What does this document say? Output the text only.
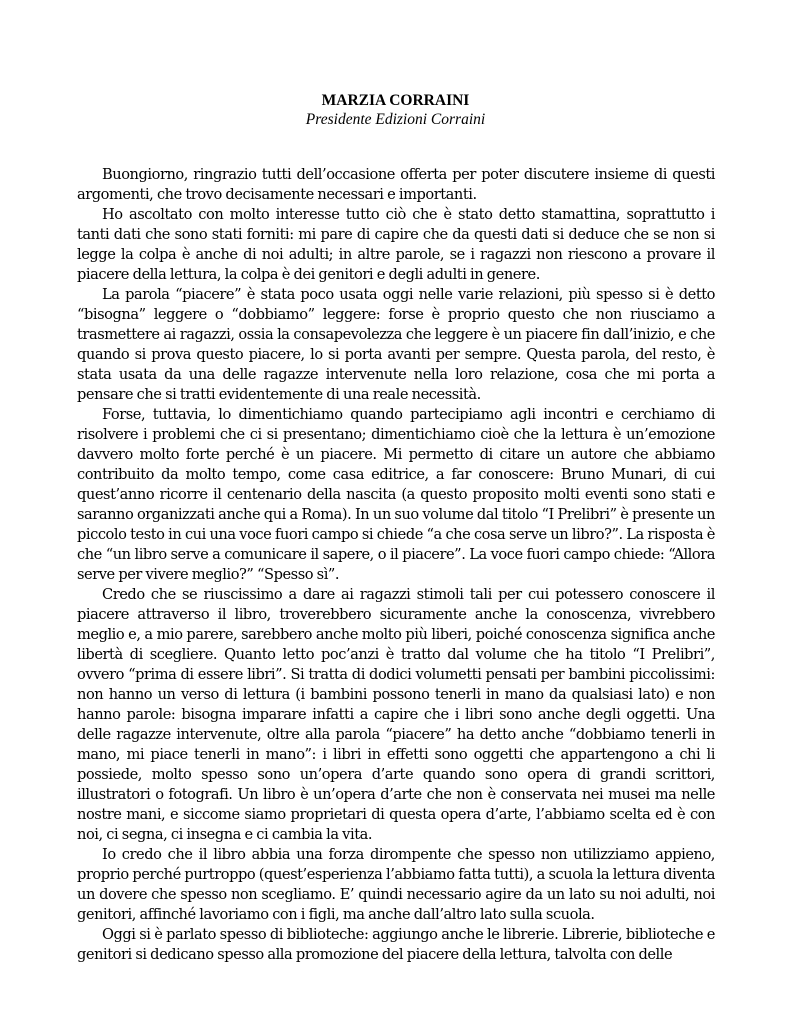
MARZIA CORRAINI
Presidente Edizioni Corraini

Buongiorno, ringrazio tutti dell’occasione offerta per poter discutere insieme di questi argomenti, che trovo decisamente necessari e importanti.

Ho ascoltato con molto interesse tutto ciò che è stato detto stamattina, soprattutto i tanti dati che sono stati forniti: mi pare di capire che da questi dati si deduce che se non si legge la colpa è anche di noi adulti; in altre parole, se i ragazzi non riescono a provare il piacere della lettura, la colpa è dei genitori e degli adulti in genere.

La parola “piacere” è stata poco usata oggi nelle varie relazioni, più spesso si è detto “bisogna” leggere o “dobbiamo” leggere: forse è proprio questo che non riusciamo a trasmettere ai ragazzi, ossia la consapevolezza che leggere è un piacere fin dall’inizio, e che quando si prova questo piacere, lo si porta avanti per sempre. Questa parola, del resto, è stata usata da una delle ragazze intervenute nella loro relazione, cosa che mi porta a pensare che si tratti evidentemente di una reale necessità.

Forse, tuttavia, lo dimentichiamo quando partecipiamo agli incontri e cerchiamo di risolvere i problemi che ci si presentano; dimentichiamo cioè che la lettura è un’emozione davvero molto forte perché è un piacere. Mi permetto di citare un autore che abbiamo contribuito da molto tempo, come casa editrice, a far conoscere: Bruno Munari, di cui quest’anno ricorre il centenario della nascita (a questo proposito molti eventi sono stati e saranno organizzati anche qui a Roma). In un suo volume dal titolo “I Prelibri” è presente un piccolo testo in cui una voce fuori campo si chiede “a che cosa serve un libro?”. La risposta è che “un libro serve a comunicare il sapere, o il piacere”. La voce fuori campo chiede: “Allora serve per vivere meglio?” “Spesso sì”.

Credo che se riuscissimo a dare ai ragazzi stimoli tali per cui potessero conoscere il piacere attraverso il libro, troverebbero sicuramente anche la conoscenza, vivrebbero meglio e, a mio parere, sarebbero anche molto più liberi, poiché conoscenza significa anche libertà di scegliere. Quanto letto poc’anzi è tratto dal volume che ha titolo “I Prelibri”, ovvero “prima di essere libri”. Si tratta di dodici volumetti pensati per bambini piccolissimi: non hanno un verso di lettura (i bambini possono tenerli in mano da qualsiasi lato) e non hanno parole: bisogna imparare infatti a capire che i libri sono anche degli oggetti. Una delle ragazze intervenute, oltre alla parola “piacere” ha detto anche “dobbiamo tenerli in mano, mi piace tenerli in mano”: i libri in effetti sono oggetti che appartengono a chi li possiede, molto spesso sono un’opera d’arte quando sono opera di grandi scrittori, illustratori o fotografi. Un libro è un’opera d’arte che non è conservata nei musei ma nelle nostre mani, e siccome siamo proprietari di questa opera d’arte, l’abbiamo scelta ed è con noi, ci segna, ci insegna e ci cambia la vita.

Io credo che il libro abbia una forza dirompente che spesso non utilizziamo appieno, proprio perché purtroppo (quest’esperienza l’abbiamo fatta tutti), a scuola la lettura diventa un dovere che spesso non scegliamo. E’ quindi necessario agire da un lato su noi adulti, noi genitori, affinché lavoriamo con i figli, ma anche dall’altro lato sulla scuola.

Oggi si è parlato spesso di biblioteche: aggiungo anche le librerie. Librerie, biblioteche e genitori si dedicano spesso alla promozione del piacere della lettura, talvolta con delle
